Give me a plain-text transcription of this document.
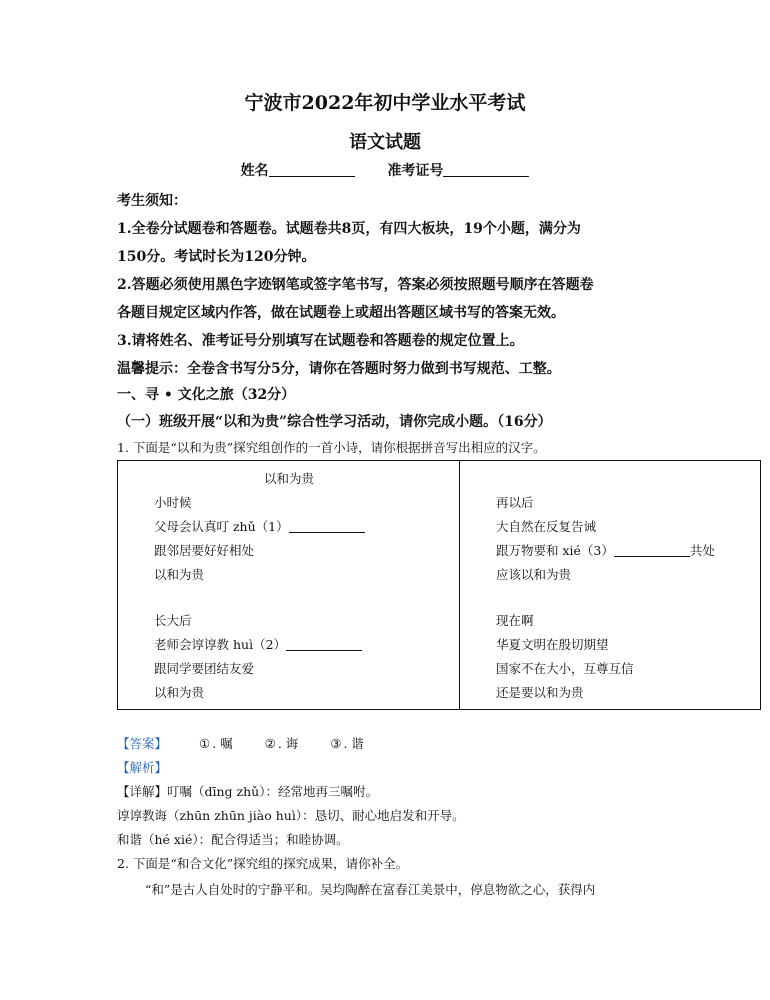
宁波市2022年初中学业水平考试
语文试题
姓名	准考证号
考生须知：
1.全卷分试题卷和答题卷。试题卷共8页，有四大板块，19个小题，满分为
150分。考试时长为120分钟。
2.答题必须使用黑色字迹钢笔或签字笔书写，答案必须按照题号顺序在答题卷
各题目规定区域内作答，做在试题卷上或超出答题区域书写的答案无效。
3.请将姓名、准考证号分别填写在试题卷和答题卷的规定位置上。
温馨提示：全卷含书写分5分，请你在答题时努力做到书写规范、工整。
一、寻 • 文化之旅（32分）
（一）班级开展“以和为贵”综合性学习活动，请你完成小题。（16分）
1. 下面是“以和为贵”探究组创作的一首小诗，请你根据拼音写出相应的汉字。
以和为贵
小时候
父母会认真叮 zhǔ（1）
跟邻居要好好相处
以和为贵
长大后
老师会谆谆教 huì（2）
跟同学要团结友爱
以和为贵
再以后
大自然在反复告诫
跟万物要和 xié（3）	共处
应该以和为贵
现在啊
华夏文明在殷切期望
国家不在大小，互尊互信
还是要以和为贵
【答案】	① . 嘱	② . 诲	③ . 谐
【解析】
【详解】叮嘱（dīng zhǔ）：经常地再三嘱咐。
谆谆教诲（zhūn zhūn jiào huì）：恳切、耐心地启发和开导。
和谐（hé xié）：配合得适当；和睦协调。
2. 下面是“和合文化”探究组的探究成果，请你补全。
“和”是古人自处时的宁静平和。吴均陶醉在富春江美景中，停息物欲之心，获得内
